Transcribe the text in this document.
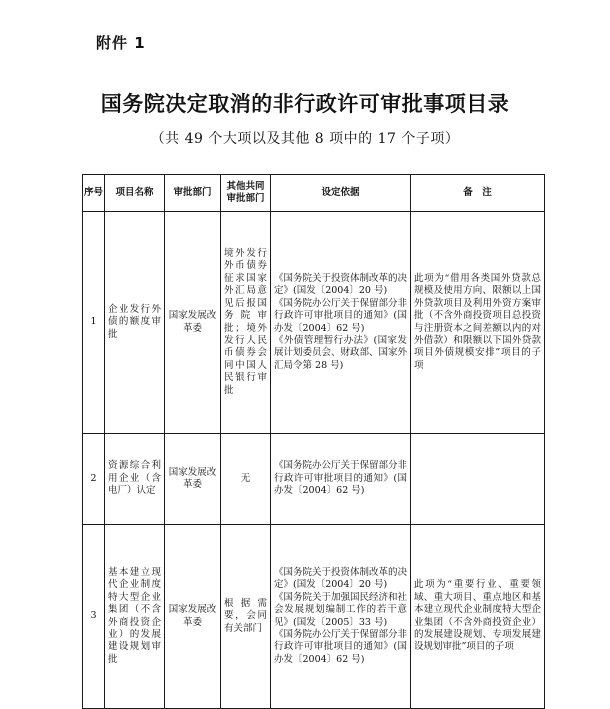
附件 1
国务院决定取消的非行政许可审批事项目录
（共 49 个大项以及其他 8 项中的 17 个子项）
序号	项目名称	审批部门	其他共同审批部门	设定依据	备　注
1	企业发行外债的额度审批	国家发展改革委	境外发行外币债券征求国家外汇局意见后报国务院审批；境外发行人民币债券会同中国人民银行审批	《国务院关于投资体制改革的决定》(国发〔2004〕20 号)
《国务院办公厅关于保留部分非行政许可审批项目的通知》(国办发〔2004〕62 号)
《外债管理暂行办法》(国家发展计划委员会、财政部、国家外汇局令第 28 号)	此项为“借用各类国外贷款总规模及使用方向、限额以上国外贷款项目及利用外资方案审批（不含外商投资项目总投资与注册资本之间差额以内的对外借款）和限额以下国外贷款项目外债规模安排”项目的子项
2	资源综合利用企业（含电厂）认定	国家发展改革委	无	《国务院办公厅关于保留部分非行政许可审批项目的通知》(国办发〔2004〕62 号)	
3	基本建立现代企业制度特大型企业集团（不含外商投资企业）的发展建设规划审批	国家发展改革委	根据需要，会同有关部门	《国务院关于投资体制改革的决定》(国发〔2004〕20 号)
《国务院关于加强国民经济和社会发展规划编制工作的若干意见》(国发〔2005〕33 号)
《国务院办公厅关于保留部分非行政许可审批项目的通知》(国办发〔2004〕62 号)	此项为“重要行业、重要领域、重大项目、重点地区和基本建立现代企业制度特大型企业集团（不含外商投资企业）的发展建设规划、专项发展建设规划审批”项目的子项
